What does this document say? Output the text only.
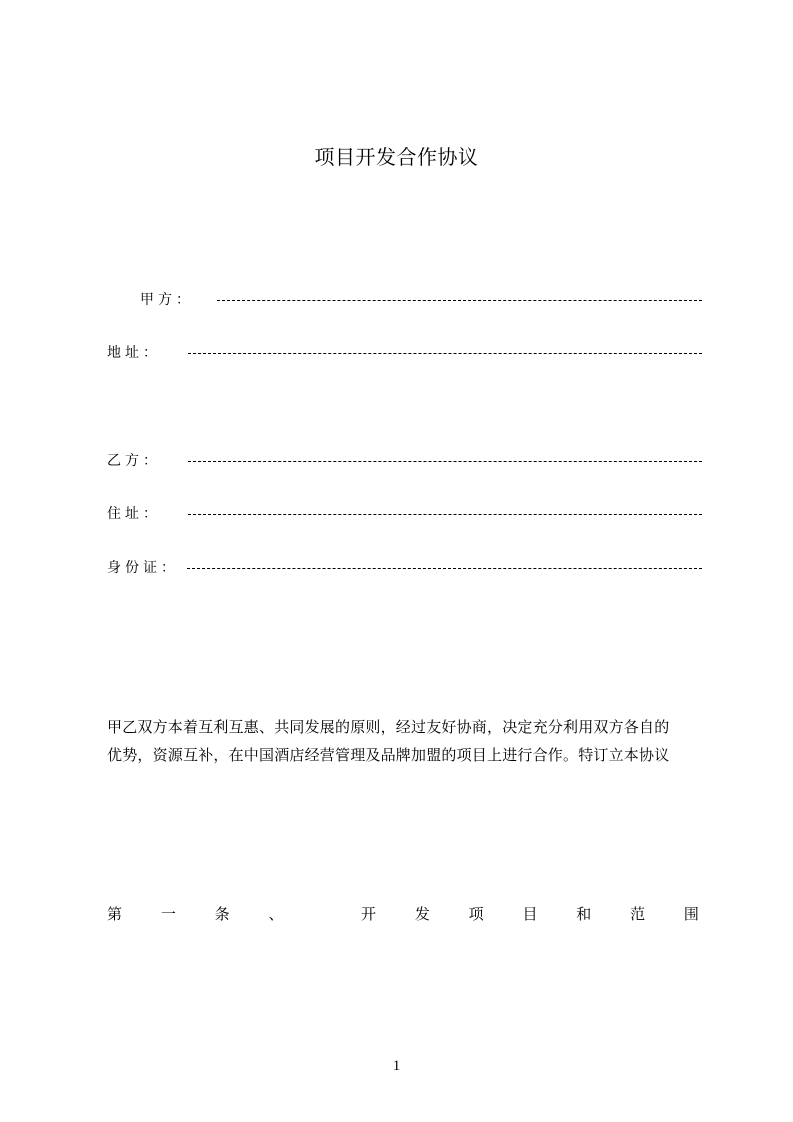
项目开发合作协议
甲方：
地址：
乙方：
住址：
身份证：
甲乙双方本着互利互惠、共同发展的原则，经过友好协商，决定充分利用双方各自的
优势，资源互补，在中国酒店经营管理及品牌加盟的项目上进行合作。特订立本协议
第	一	条	、	开	发	项	目	和	范	围
1
